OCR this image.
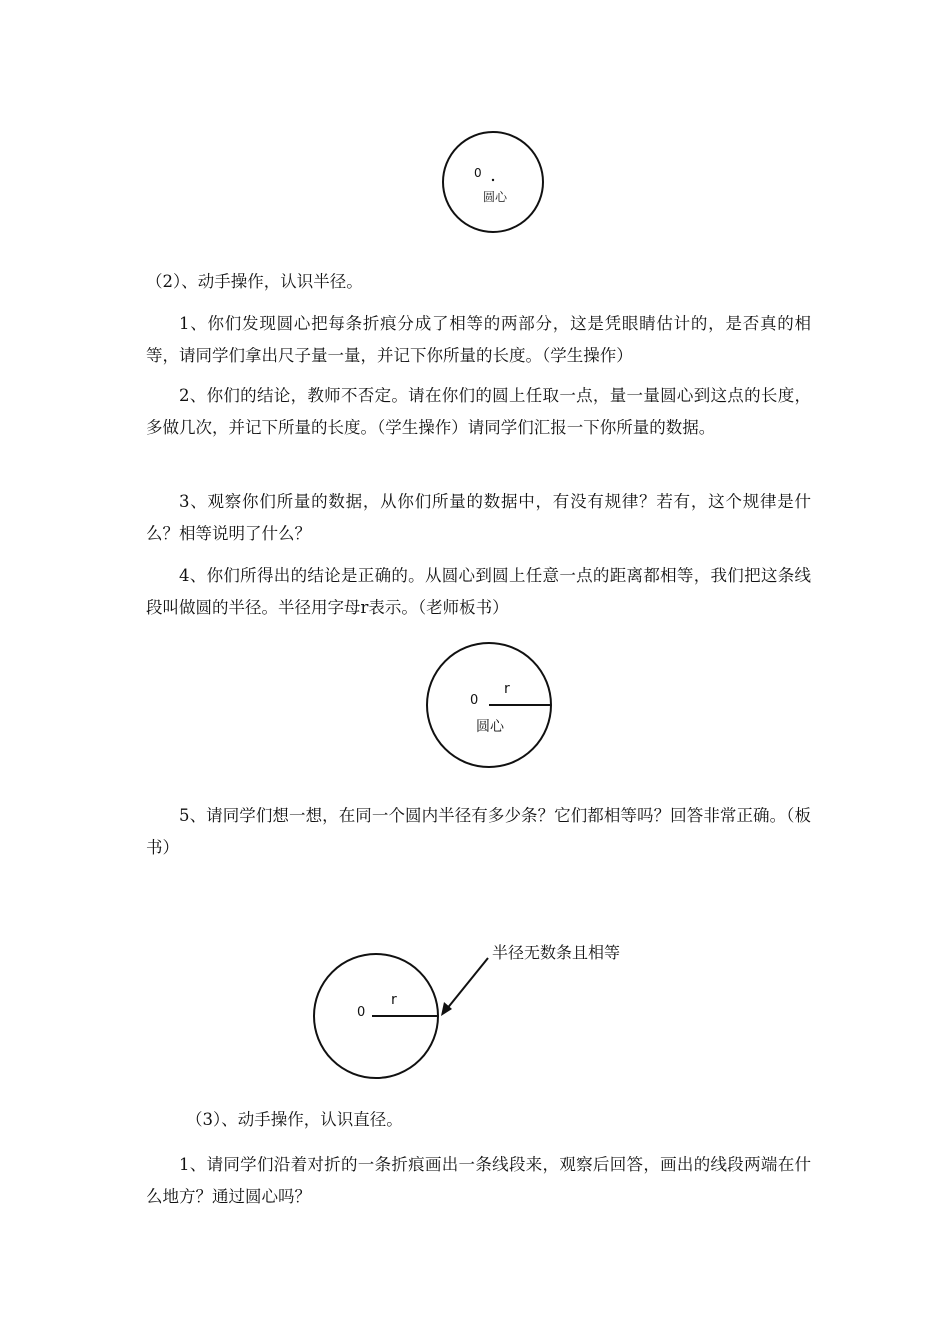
0
圆心

（2）、动手操作，认识半径。

1、你们发现圆心把每条折痕分成了相等的两部分，这是凭眼睛估计的，是否真的相等，请同学们拿出尺子量一量，并记下你所量的长度。（学生操作）

2、你们的结论，教师不否定。请在你们的圆上任取一点，量一量圆心到这点的长度，多做几次，并记下所量的长度。（学生操作）请同学们汇报一下你所量的数据。

3、观察你们所量的数据，从你们所量的数据中，有没有规律？若有，这个规律是什么？相等说明了什么？

4、你们所得出的结论是正确的。从圆心到圆上任意一点的距离都相等，我们把这条线段叫做圆的半径。半径用字母r表示。（老师板书）

0
r
圆心

5、请同学们想一想，在同一个圆内半径有多少条？它们都相等吗？回答非常正确。（板书）

0
r
半径无数条且相等

（3）、动手操作，认识直径。

1、请同学们沿着对折的一条折痕画出一条线段来，观察后回答，画出的线段两端在什么地方？通过圆心吗？
